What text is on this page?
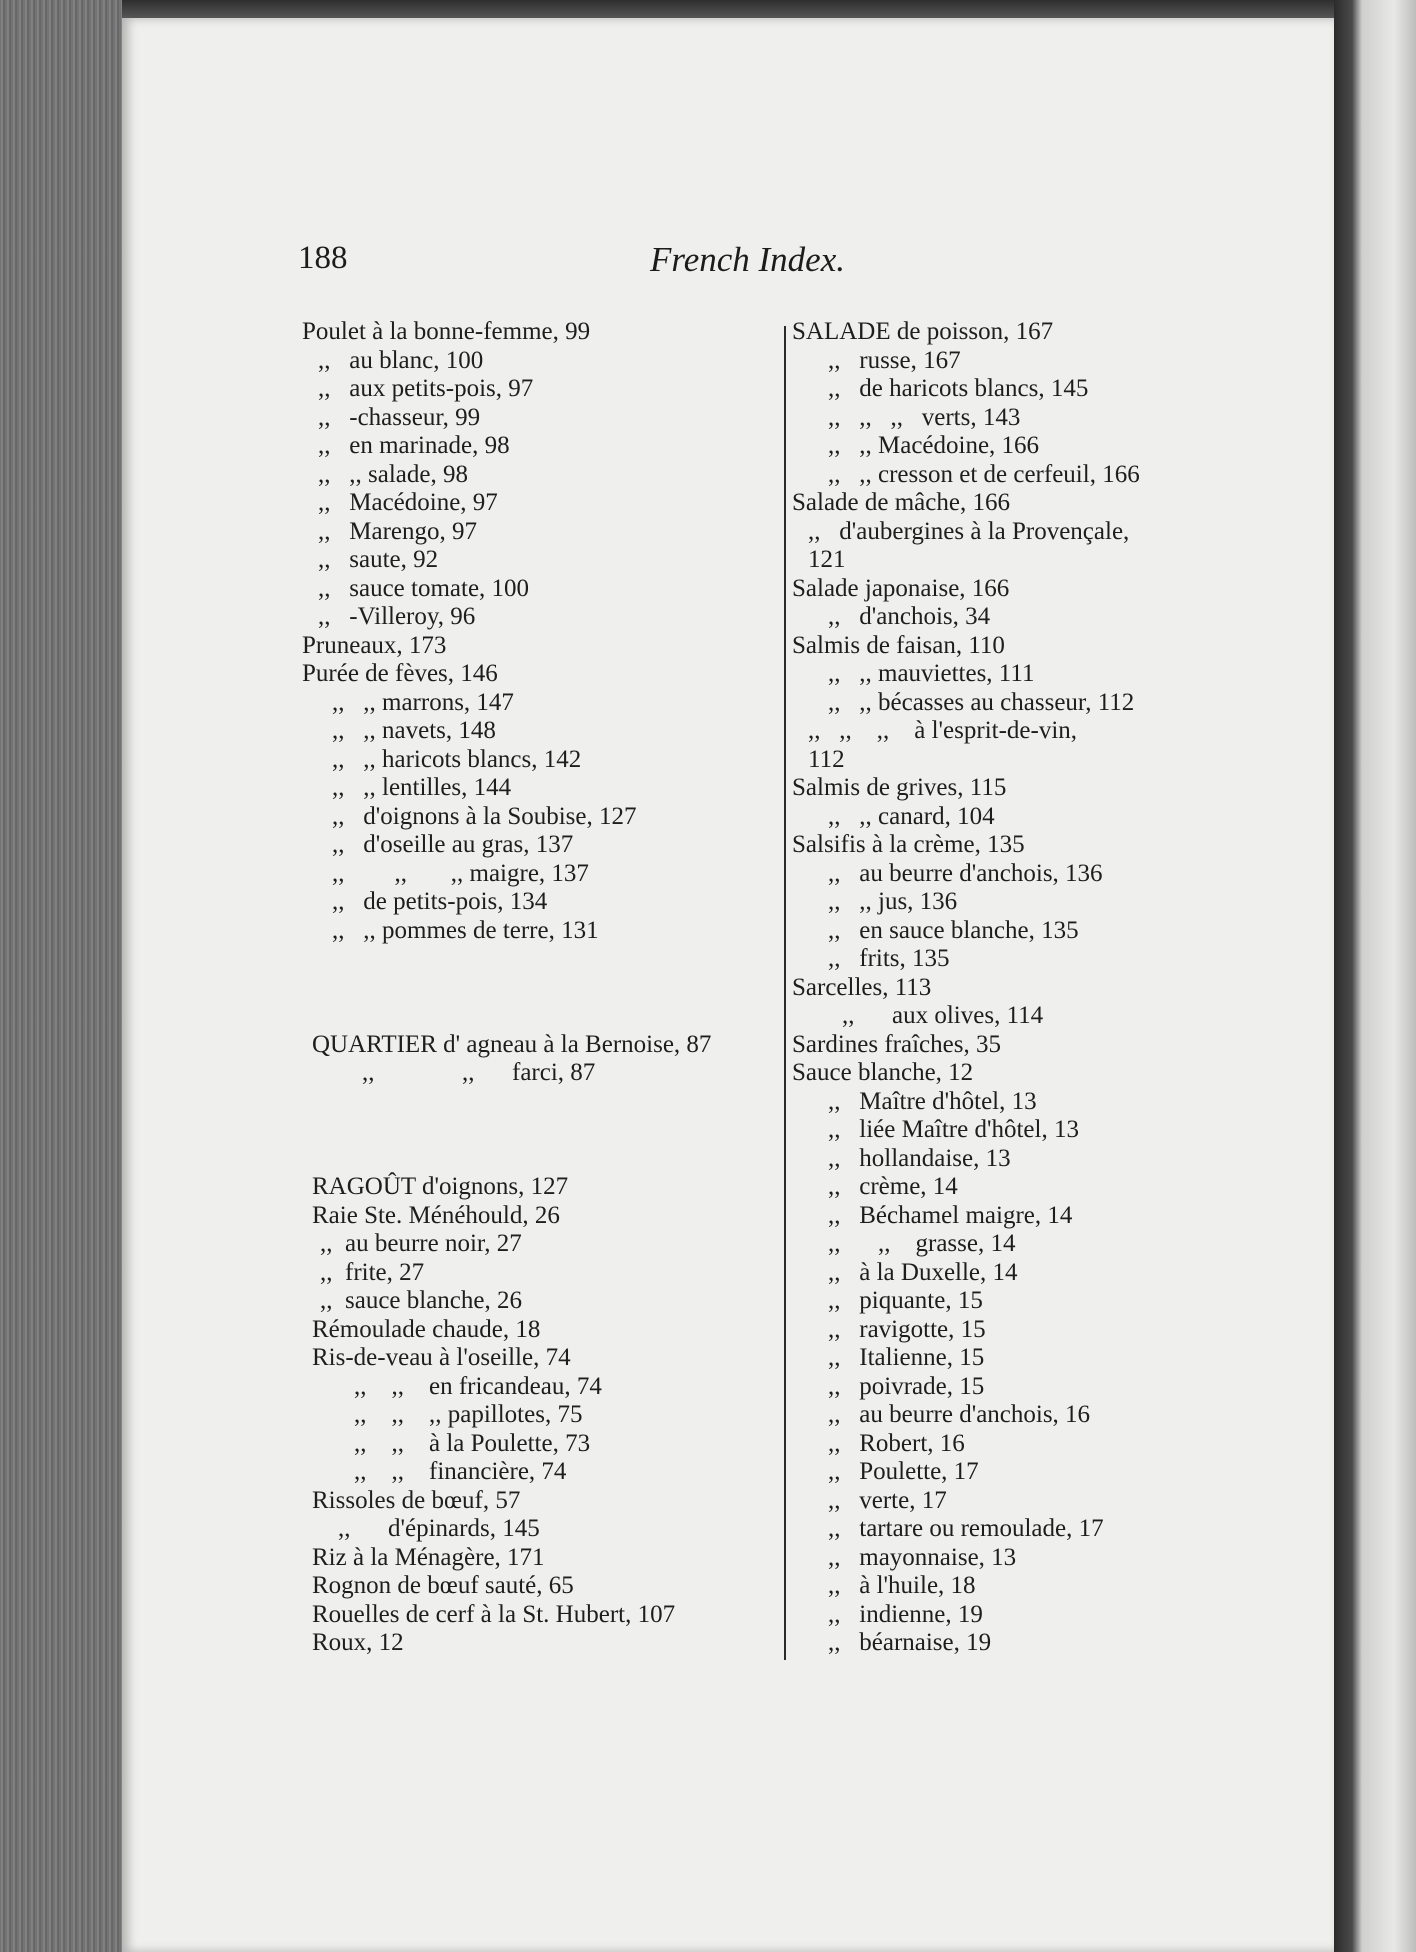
188	French Index.
Poulet à la bonne-femme, 99
,,   au blanc, 100
,,   aux petits-pois, 97
,,   -chasseur, 99
,,   en marinade, 98
,,   ,, salade, 98
,,   Macédoine, 97
,,   Marengo, 97
,,   saute, 92
,,   sauce tomate, 100
,,   -Villeroy, 96
Pruneaux, 173
Purée de fèves, 146
,,   ,, marrons, 147
,,   ,, navets, 148
,,   ,, haricots blancs, 142
,,   ,, lentilles, 144
,,   d'oignons à la Soubise, 127
,,   d'oseille au gras, 137
,,        ,,       ,, maigre, 137
,,   de petits-pois, 134
,,   ,, pommes de terre, 131
QUARTIER d' agneau à la Bernoise, 87
,,              ,,      farci, 87
RAGOÛT d'oignons, 127
Raie Ste. Ménéhould, 26
,,  au beurre noir, 27
,,  frite, 27
,,  sauce blanche, 26
Rémoulade chaude, 18
Ris-de-veau à l'oseille, 74
,,    ,,    en fricandeau, 74
,,    ,,    ,, papillotes, 75
,,    ,,    à la Poulette, 73
,,    ,,    financière, 74
Rissoles de bœuf, 57
,,      d'épinards, 145
Riz à la Ménagère, 171
Rognon de bœuf sauté, 65
Rouelles de cerf à la St. Hubert, 107
Roux, 12
SALADE de poisson, 167
,,   russe, 167
,,   de haricots blancs, 145
,,   ,,   ,,   verts, 143
,,   ,, Macédoine, 166
,,   ,, cresson et de cerfeuil, 166
Salade de mâche, 166
,,   d'aubergines à la Provençale,
121
Salade japonaise, 166
,,   d'anchois, 34
Salmis de faisan, 110
,,   ,, mauviettes, 111
,,   ,, bécasses au chasseur, 112
,,   ,,    ,,    à l'esprit-de-vin,
112
Salmis de grives, 115
,,   ,, canard, 104
Salsifis à la crème, 135
,,   au beurre d'anchois, 136
,,   ,, jus, 136
,,   en sauce blanche, 135
,,   frits, 135
Sarcelles, 113
,,      aux olives, 114
Sardines fraîches, 35
Sauce blanche, 12
,,   Maître d'hôtel, 13
,,   liée Maître d'hôtel, 13
,,   hollandaise, 13
,,   crème, 14
,,   Béchamel maigre, 14
,,      ,,    grasse, 14
,,   à la Duxelle, 14
,,   piquante, 15
,,   ravigotte, 15
,,   Italienne, 15
,,   poivrade, 15
,,   au beurre d'anchois, 16
,,   Robert, 16
,,   Poulette, 17
,,   verte, 17
,,   tartare ou remoulade, 17
,,   mayonnaise, 13
,,   à l'huile, 18
,,   indienne, 19
,,   béarnaise, 19
